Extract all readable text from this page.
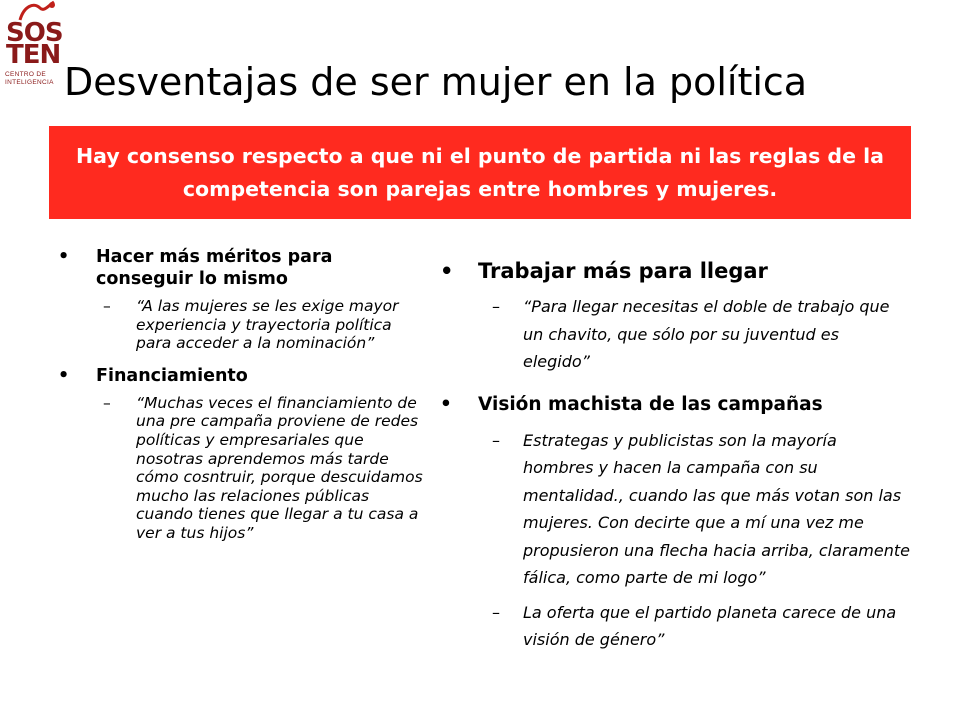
SOS
TEN
CENTRO DE
INTELIGENCIA Desventajas de ser mujer en la política
Hay consenso respecto a que ni el punto de partida ni las reglas de la competencia son parejas entre hombres y mujeres.
• Hacer más méritos para conseguir lo mismo
– “A las mujeres se les exige mayor experiencia y trayectoria política para acceder a la nominación”
• Financiamiento
– “Muchas veces el financiamiento de una pre campaña proviene de redes políticas y empresariales que nosotras aprendemos más tarde cómo cosntruir, porque descuidamos mucho las relaciones públicas cuando tienes que llegar a tu casa a ver a tus hijos”
• Trabajar más para llegar
– “Para llegar necesitas el doble de trabajo que un chavito, que sólo por su juventud es elegido”
• Visión machista de las campañas
– Estrategas y publicistas son la mayoría hombres y hacen la campaña con su mentalidad., cuando las que más votan son las mujeres. Con decirte que a mí una vez me propusieron una flecha hacia arriba, claramente fálica, como parte de mi logo”
– La oferta que el partido planeta carece de una visión de género”
